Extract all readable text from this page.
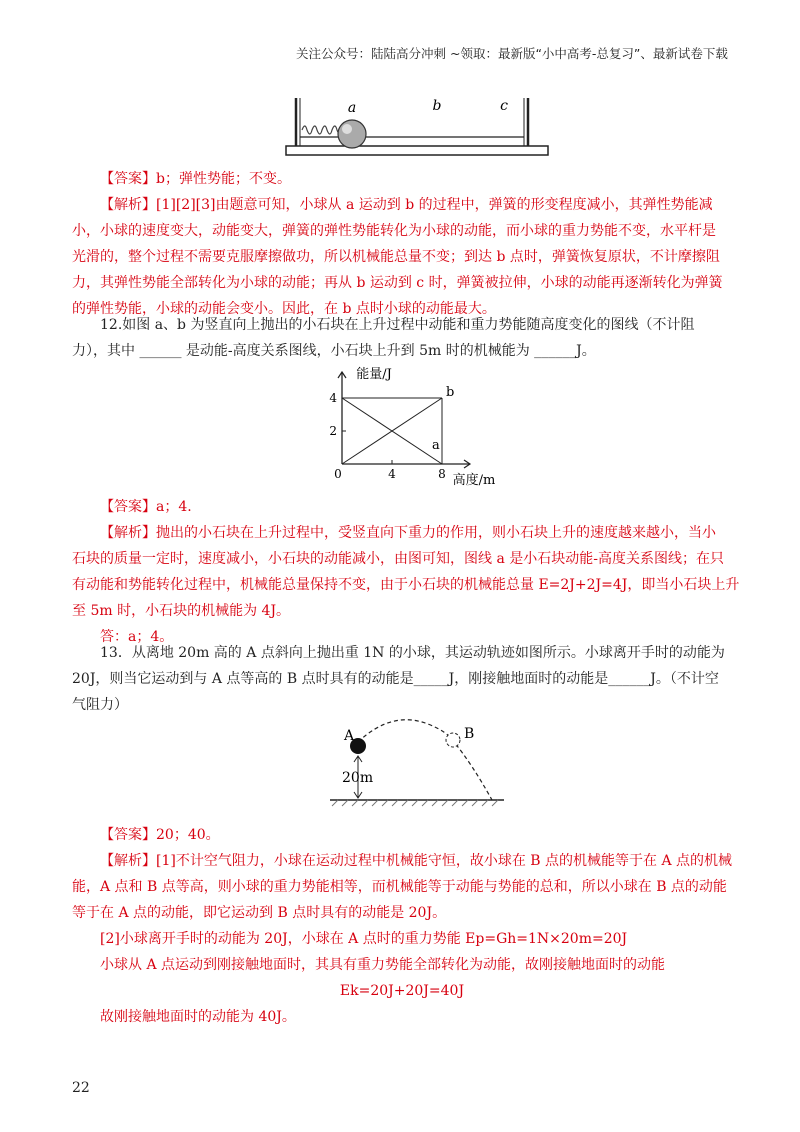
关注公众号：陆陆高分冲刺 ~领取：最新版“小中高考-总复习”、最新试卷下载
a	b	c
【答案】b；弹性势能；不变。
【解析】[1][2][3]由题意可知，小球从 a 运动到 b 的过程中，弹簧的形变程度减小，其弹性势能减
小，小球的速度变大，动能变大，弹簧的弹性势能转化为小球的动能，而小球的重力势能不变，水平杆是
光滑的，整个过程不需要克服摩擦做功，所以机械能总量不变；到达 b 点时，弹簧恢复原状，不计摩擦阻
力，其弹性势能全部转化为小球的动能；再从 b 运动到 c 时，弹簧被拉伸，小球的动能再逐渐转化为弹簧
的弹性势能，小球的动能会变小。因此，在 b 点时小球的动能最大。
12.如图 a、b 为竖直向上抛出的小石块在上升过程中动能和重力势能随高度变化的图线（不计阻
力），其中 ______ 是动能-高度关系图线，小石块上升到 5m 时的机械能为 ______J。
0	4	8
2
4
a
b
能量/J
高度/m
【答案】a；4.
【解析】抛出的小石块在上升过程中，受竖直向下重力的作用，则小石块上升的速度越来越小，当小
石块的质量一定时，速度减小，小石块的动能减小，由图可知，图线 a 是小石块动能-高度关系图线；在只
有动能和势能转化过程中，机械能总量保持不变，由于小石块的机械能总量 E=2J+2J=4J，即当小石块上升
至 5m 时，小石块的机械能为 4J。
答：a；4。
13．从离地 20m 高的 A 点斜向上抛出重 1N 的小球，其运动轨迹如图所示。小球离开手时的动能为
20J，则当它运动到与 A 点等高的 B 点时具有的动能是_____J，刚接触地面时的动能是______J。（不计空
气阻力）
A	B
20m
【答案】20；40。
【解析】[1]不计空气阻力，小球在运动过程中机械能守恒，故小球在 B 点的机械能等于在 A 点的机械
能，A 点和 B 点等高，则小球的重力势能相等，而机械能等于动能与势能的总和，所以小球在 B 点的动能
等于在 A 点的动能，即它运动到 B 点时具有的动能是 20J。
[2]小球离开手时的动能为 20J，小球在 A 点时的重力势能 Ep=Gh=1N×20m=20J
小球从 A 点运动到刚接触地面时，其具有重力势能全部转化为动能，故刚接触地面时的动能
Ek=20J+20J=40J
故刚接触地面时的动能为 40J。
22
